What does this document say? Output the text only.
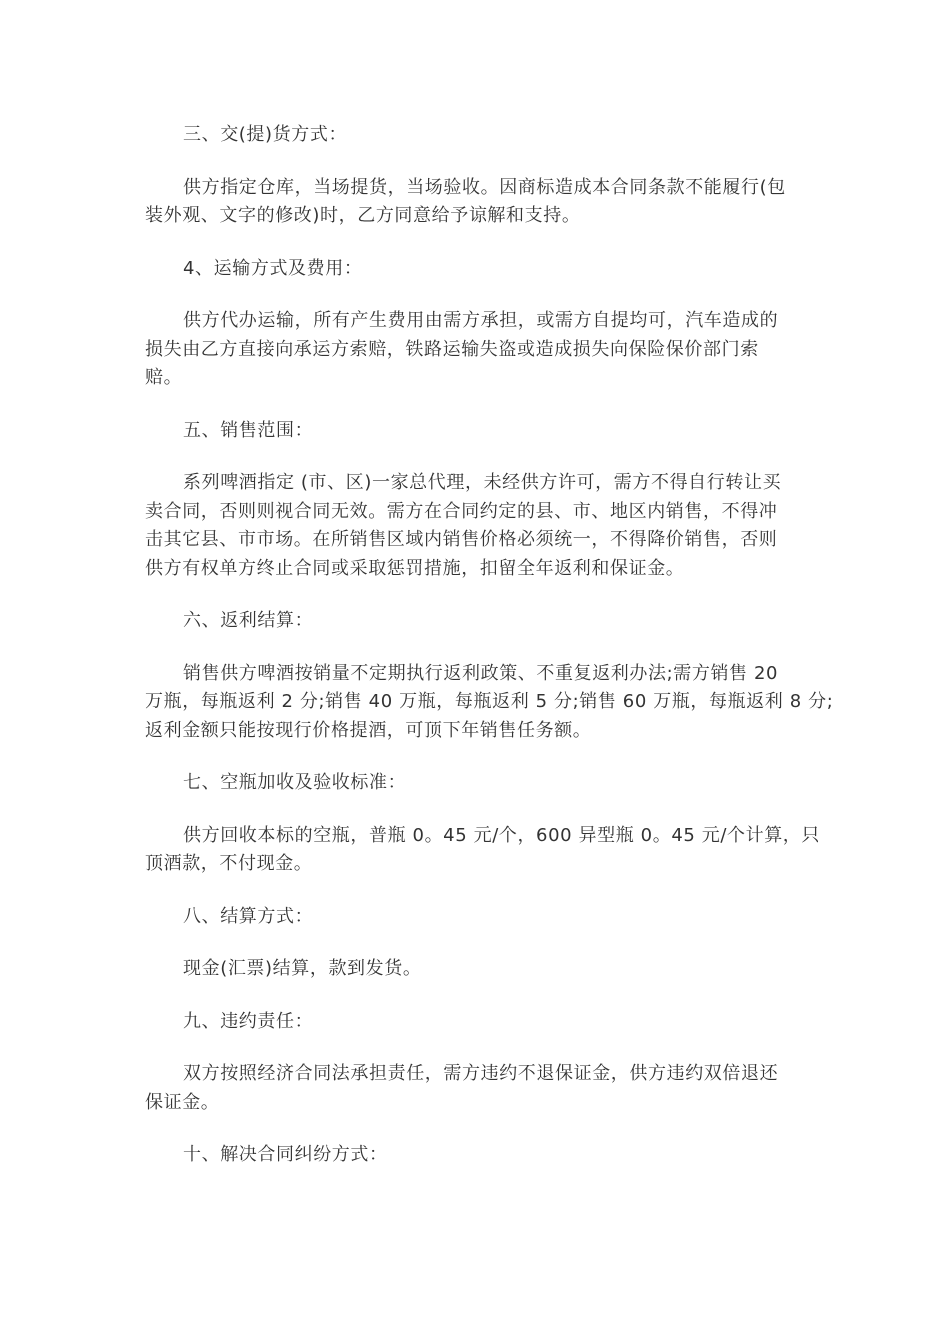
三、交(提)货方式：
供方指定仓库，当场提货，当场验收。因商标造成本合同条款不能履行(包
装外观、文字的修改)时，乙方同意给予谅解和支持。
4、运输方式及费用：
供方代办运输，所有产生费用由需方承担，或需方自提均可，汽车造成的
损失由乙方直接向承运方索赔，铁路运输失盗或造成损失向保险保价部门索
赔。
五、销售范围：
系列啤酒指定 (市、区)一家总代理，未经供方许可，需方不得自行转让买
卖合同，否则则视合同无效。需方在合同约定的县、市、地区内销售，不得冲
击其它县、市市场。在所销售区域内销售价格必须统一，不得降价销售，否则
供方有权单方终止合同或采取惩罚措施，扣留全年返利和保证金。
六、返利结算：
销售供方啤酒按销量不定期执行返利政策、不重复返利办法;需方销售 20
万瓶，每瓶返利 2 分;销售 40 万瓶，每瓶返利 5 分;销售 60 万瓶，每瓶返利 8 分;
返利金额只能按现行价格提酒，可顶下年销售任务额。
七、空瓶加收及验收标准：
供方回收本标的空瓶，普瓶 0。45 元/个，600 异型瓶 0。45 元/个计算，只
顶酒款，不付现金。
八、结算方式：
现金(汇票)结算，款到发货。
九、违约责任：
双方按照经济合同法承担责任，需方违约不退保证金，供方违约双倍退还
保证金。
十、解决合同纠纷方式：
